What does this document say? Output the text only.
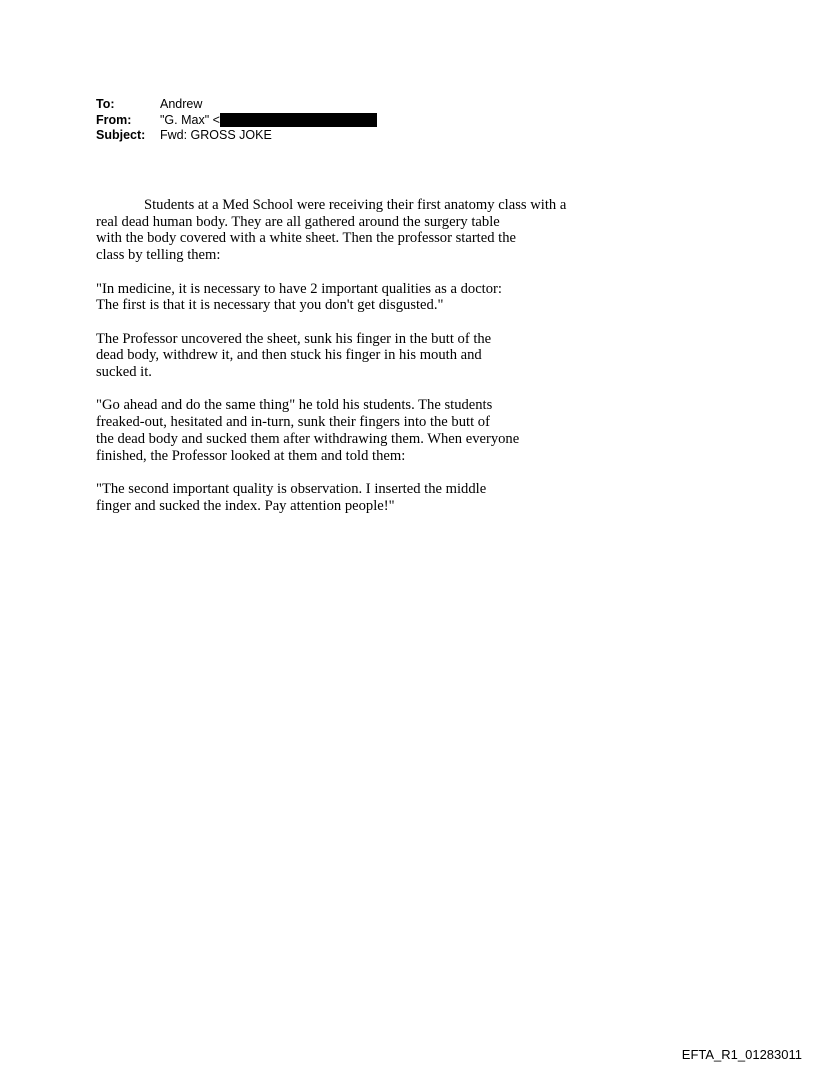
To:	Andrew
From:	"G. Max" <
Subject:	Fwd: GROSS JOKE

Students at a Med School were receiving their first anatomy class with a
real dead human body. They are all gathered around the surgery table
with the body covered with a white sheet. Then the professor started the
class by telling them:

"In medicine, it is necessary to have 2 important qualities as a doctor:
The first is that it is necessary that you don't get disgusted."

The Professor uncovered the sheet, sunk his finger in the butt of the
dead body, withdrew it, and then stuck his finger in his mouth and
sucked it.

"Go ahead and do the same thing" he told his students. The students
freaked-out, hesitated and in-turn, sunk their fingers into the butt of
the dead body and sucked them after withdrawing them. When everyone
finished, the Professor looked at them and told them:

"The second important quality is observation. I inserted the middle
finger and sucked the index. Pay attention people!"

EFTA_R1_01283011
